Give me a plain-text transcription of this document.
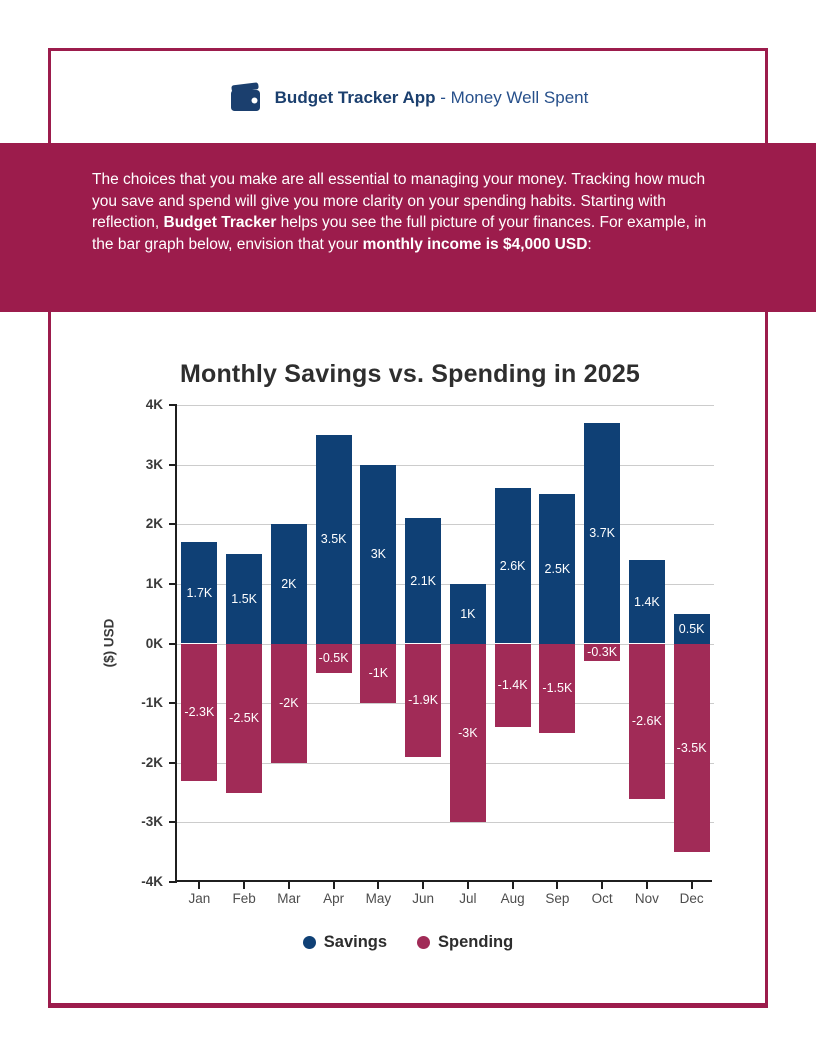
Budget Tracker App - Money Well Spent
The choices that you make are all essential to managing your money. Tracking how much you save and spend will give you more clarity on your spending habits. Starting with reflection, Budget Tracker helps you see the full picture of your finances. For example, in the bar graph below, envision that your monthly income is $4,000 USD:
Monthly Savings vs. Spending in 2025
($) USD
4K
3K
2K
1K
0K
-1K
-2K
-3K
-4K
1.7K
-2.3K
Jan
1.5K
-2.5K
Feb
2K
-2K
Mar
3.5K
-0.5K
Apr
3K
-1K
May
2.1K
-1.9K
Jun
1K
-3K
Jul
2.6K
-1.4K
Aug
2.5K
-1.5K
Sep
3.7K
-0.3K
Oct
1.4K
-2.6K
Nov
0.5K
-3.5K
Dec
Savings	Spending
